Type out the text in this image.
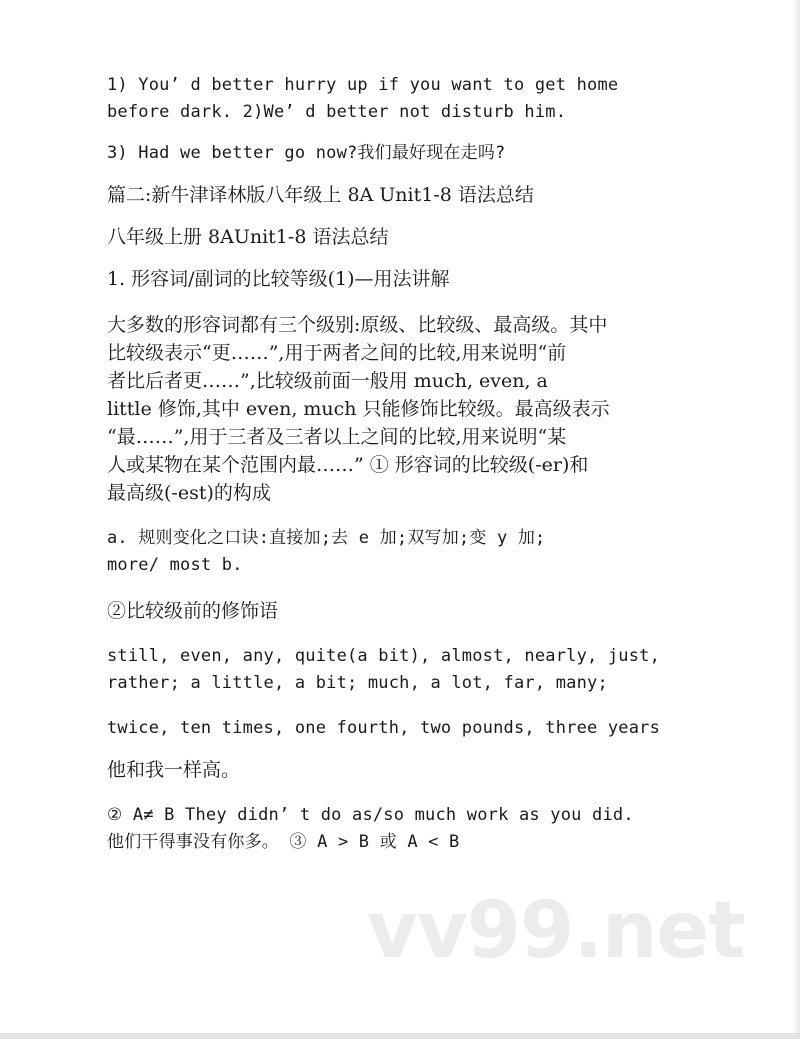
1) You’ d better hurry up if you want to get home
before dark. 2)We’ d better not disturb him.
3) Had we better go now?我们最好现在走吗?
篇二:新牛津译林版八年级上 8A Unit1-8 语法总结
八年级上册 8AUnit1-8 语法总结
1. 形容词/副词的比较等级(1)—用法讲解
大多数的形容词都有三个级别:原级、比较级、最高级。其中
比较级表示“更……”,用于两者之间的比较,用来说明“前
者比后者更……”,比较级前面一般用 much, even, a
little 修饰,其中 even, much 只能修饰比较级。最高级表示
“最……”,用于三者及三者以上之间的比较,用来说明“某
人或某物在某个范围内最……” ① 形容词的比较级(-er)和
最高级(-est)的构成
a. 规则变化之口诀:直接加;去 e 加;双写加;变 y 加;
more/ most b.
②比较级前的修饰语
still, even, any, quite(a bit), almost, nearly, just,
rather; a little, a bit; much, a lot, far, many;
twice, ten times, one fourth, two pounds, three years
他和我一样高。
② A≠ B They didn’ t do as/so much work as you did.
他们干得事没有你多。 ③ A > B 或 A < B
vv99.net
